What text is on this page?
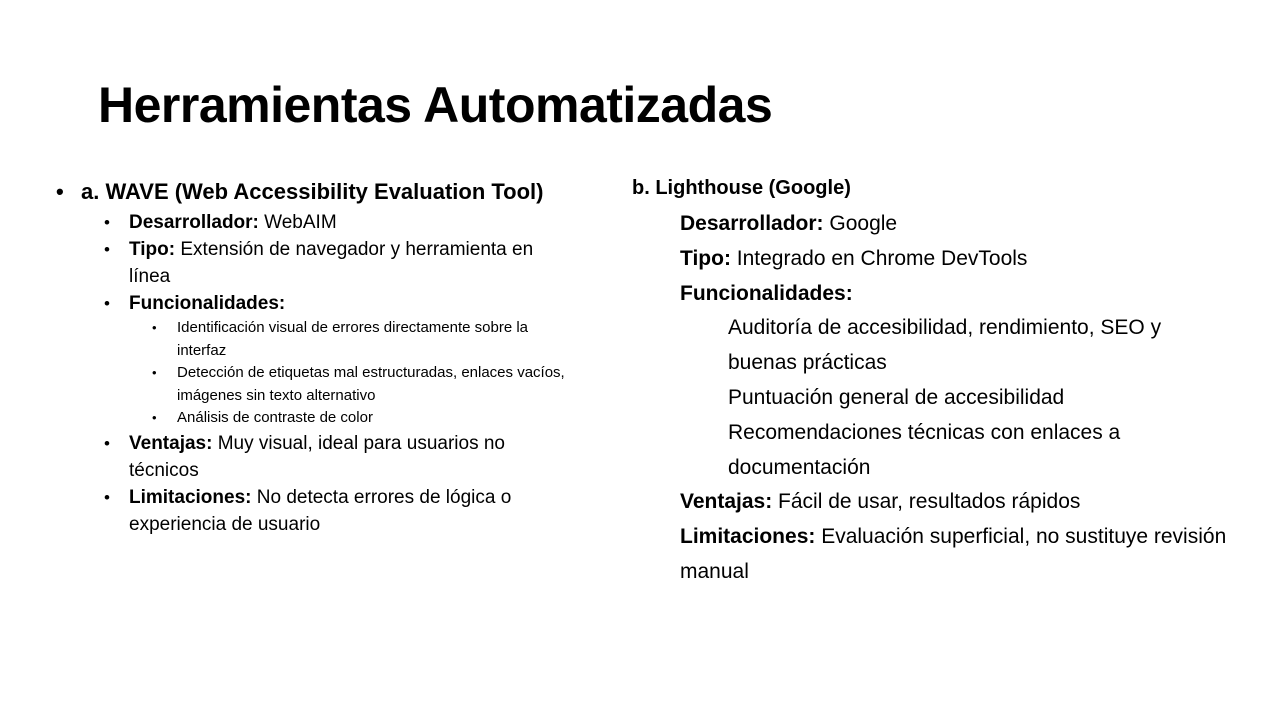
Herramientas Automatizadas
• a. WAVE (Web Accessibility Evaluation Tool)
• Desarrollador: WebAIM
• Tipo: Extensión de navegador y herramienta en línea
• Funcionalidades:
• Identificación visual de errores directamente sobre la interfaz
• Detección de etiquetas mal estructuradas, enlaces vacíos, imágenes sin texto alternativo
• Análisis de contraste de color
• Ventajas: Muy visual, ideal para usuarios no técnicos
• Limitaciones: No detecta errores de lógica o experiencia de usuario
b. Lighthouse (Google)
Desarrollador: Google
Tipo: Integrado en Chrome DevTools
Funcionalidades:
Auditoría de accesibilidad, rendimiento, SEO y buenas prácticas
Puntuación general de accesibilidad
Recomendaciones técnicas con enlaces a documentación
Ventajas: Fácil de usar, resultados rápidos
Limitaciones: Evaluación superficial, no sustituye revisión manual
